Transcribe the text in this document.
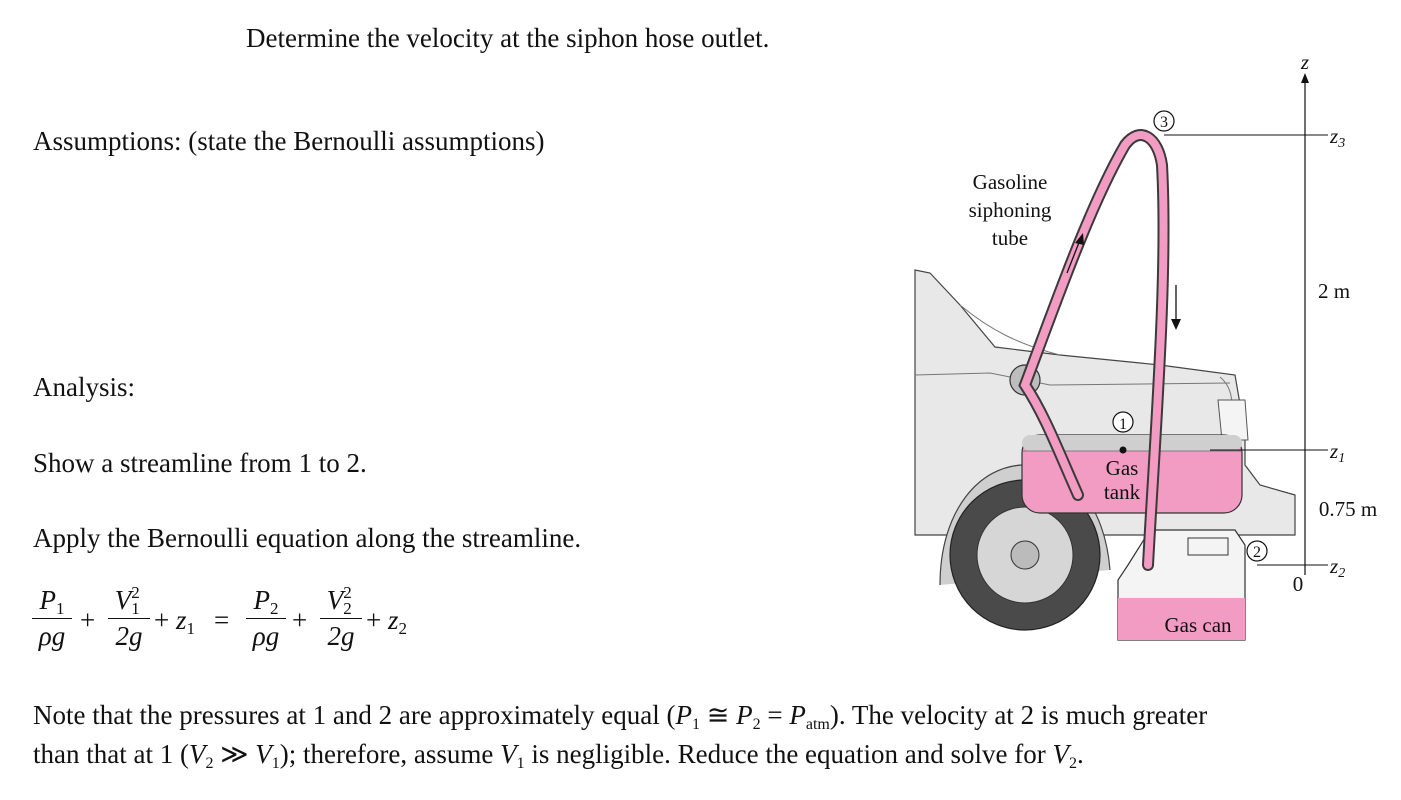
Determine the velocity at the siphon hose outlet.
Assumptions: (state the Bernoulli assumptions)
Analysis:
Show a streamline from 1 to 2.
Apply the Bernoulli equation along the streamline.
$P_1$
ρg
+
V 2
1
2g
+ $z_1$ =
$P_2$
ρg
+
V 2
2
2g
+ $z_2$
Note that the pressures at 1 and 2 are approximately equal (P1 ≅ P2 = Patm). The velocity at 2 is much greater
than that at 1 (V2 ≫ V1); therefore, assume V1 is negligible. Reduce the equation and solve for V2.
1
2
3
Gasoline
siphoning
tube
Gas
tank
Gas can
z
z3
z1
z2
0
2 m
0.75 m
